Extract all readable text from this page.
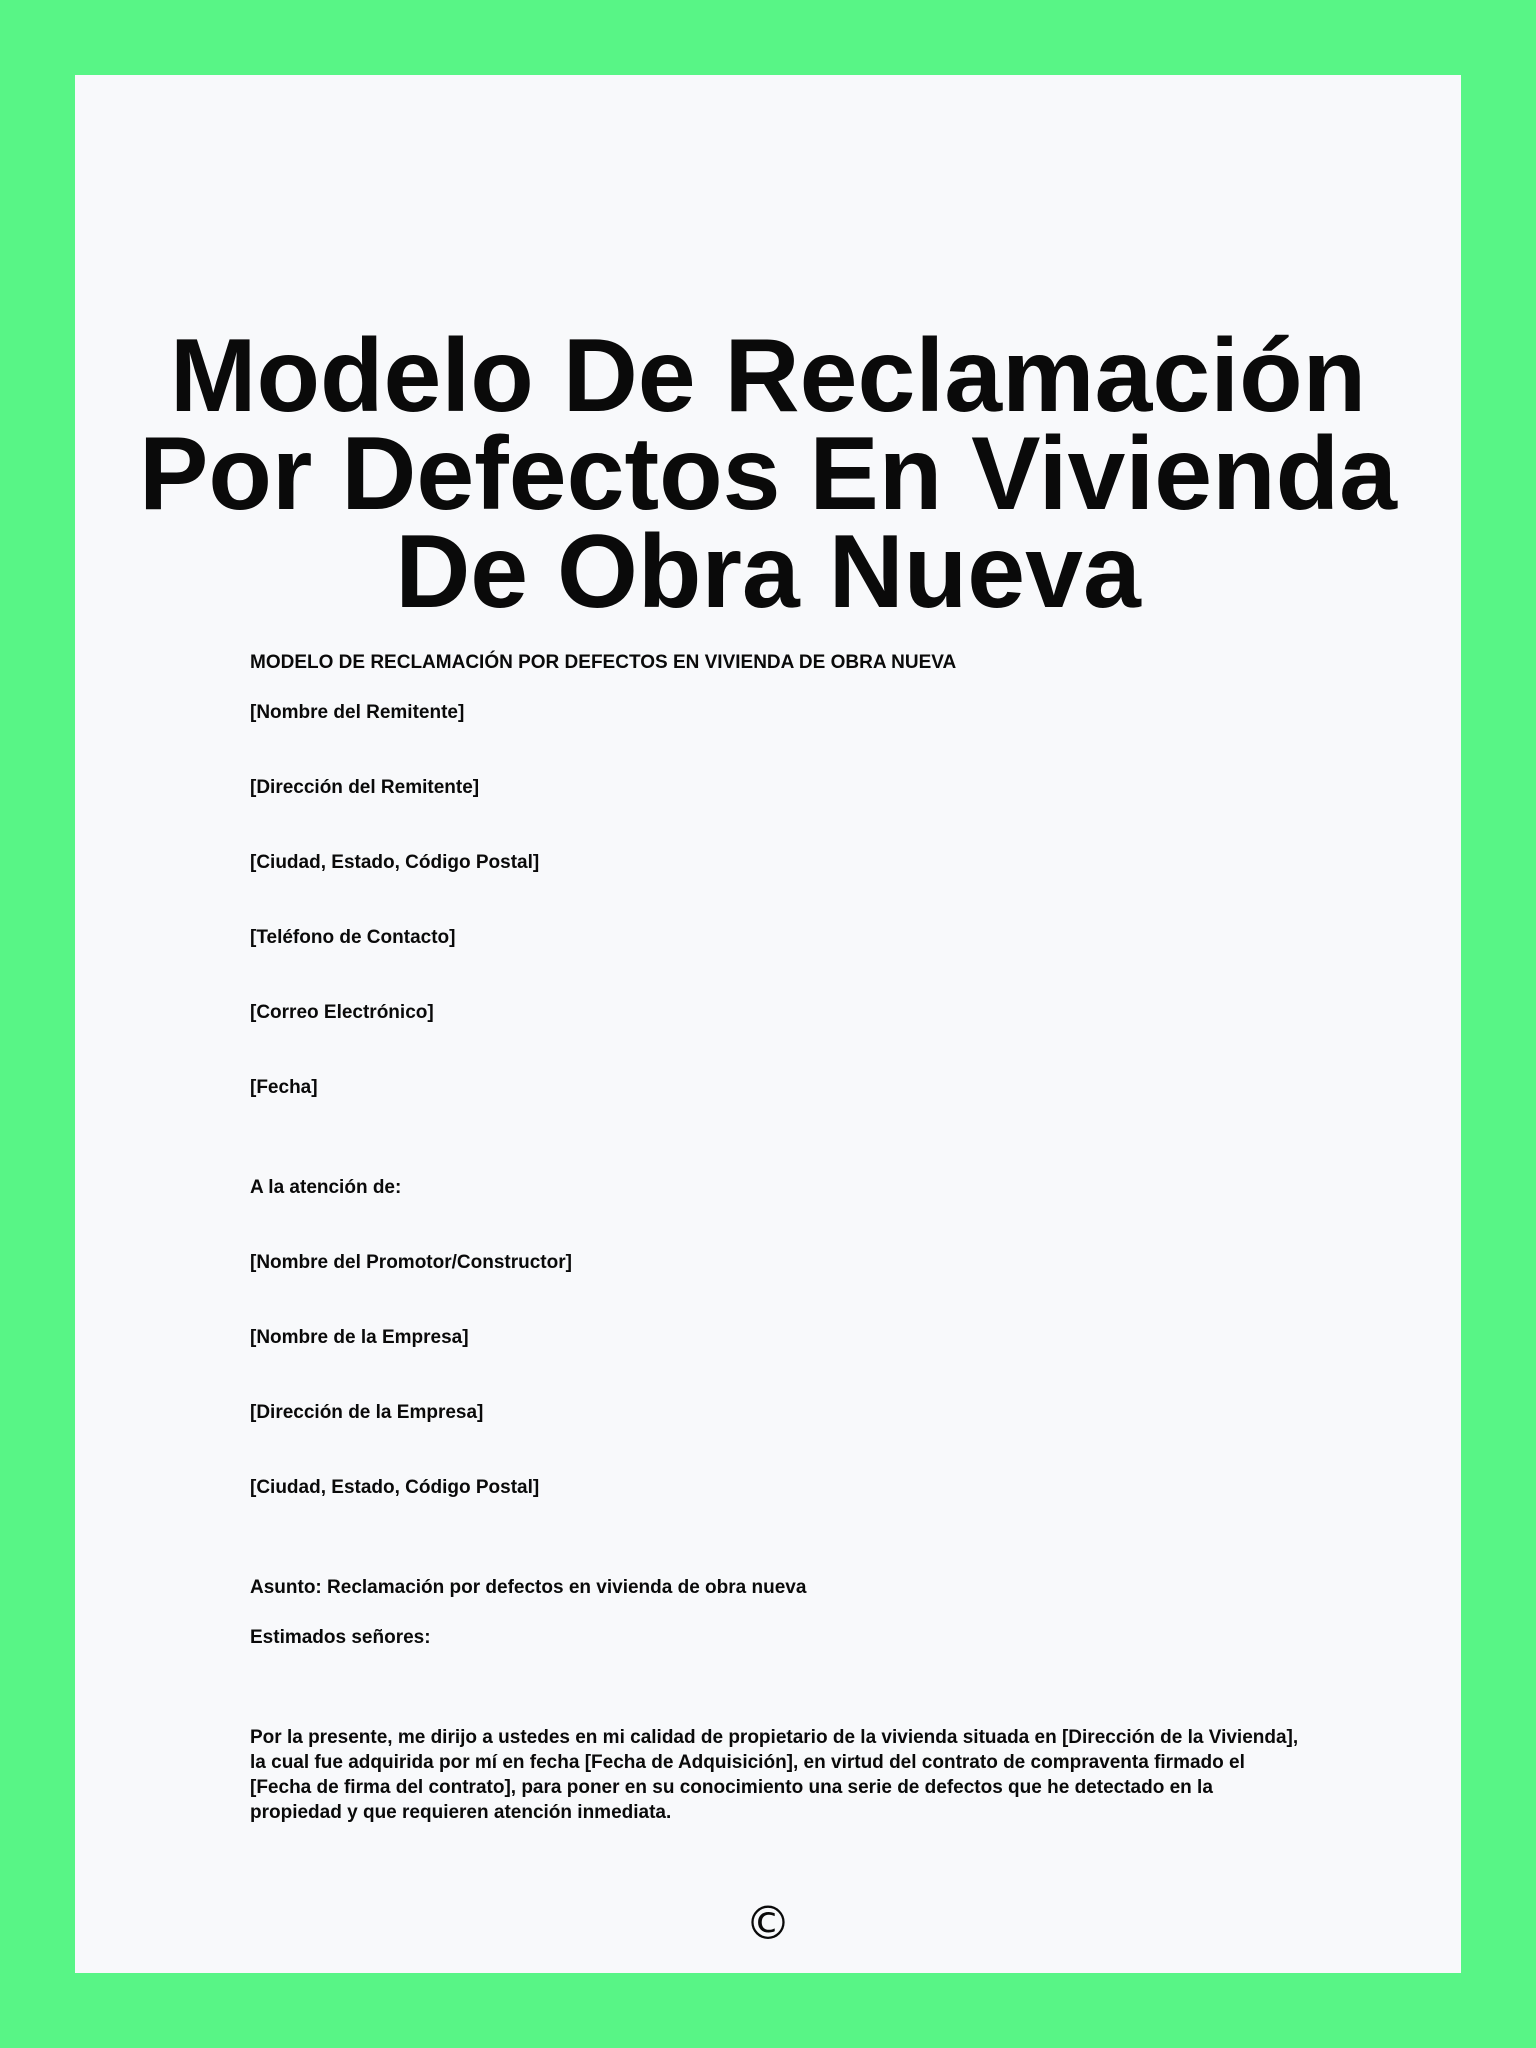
Modelo De Reclamación Por Defectos En Vivienda De Obra Nueva

MODELO DE RECLAMACIÓN POR DEFECTOS EN VIVIENDA DE OBRA NUEVA

[Nombre del Remitente]

[Dirección del Remitente]

[Ciudad, Estado, Código Postal]

[Teléfono de Contacto]

[Correo Electrónico]

[Fecha]

A la atención de:

[Nombre del Promotor/Constructor]

[Nombre de la Empresa]

[Dirección de la Empresa]

[Ciudad, Estado, Código Postal]

Asunto: Reclamación por defectos en vivienda de obra nueva

Estimados señores:

Por la presente, me dirijo a ustedes en mi calidad de propietario de la vivienda situada en [Dirección de la Vivienda], la cual fue adquirida por mí en fecha [Fecha de Adquisición], en virtud del contrato de compraventa firmado el [Fecha de firma del contrato], para poner en su conocimiento una serie de defectos que he detectado en la propiedad y que requieren atención inmediata.

©
